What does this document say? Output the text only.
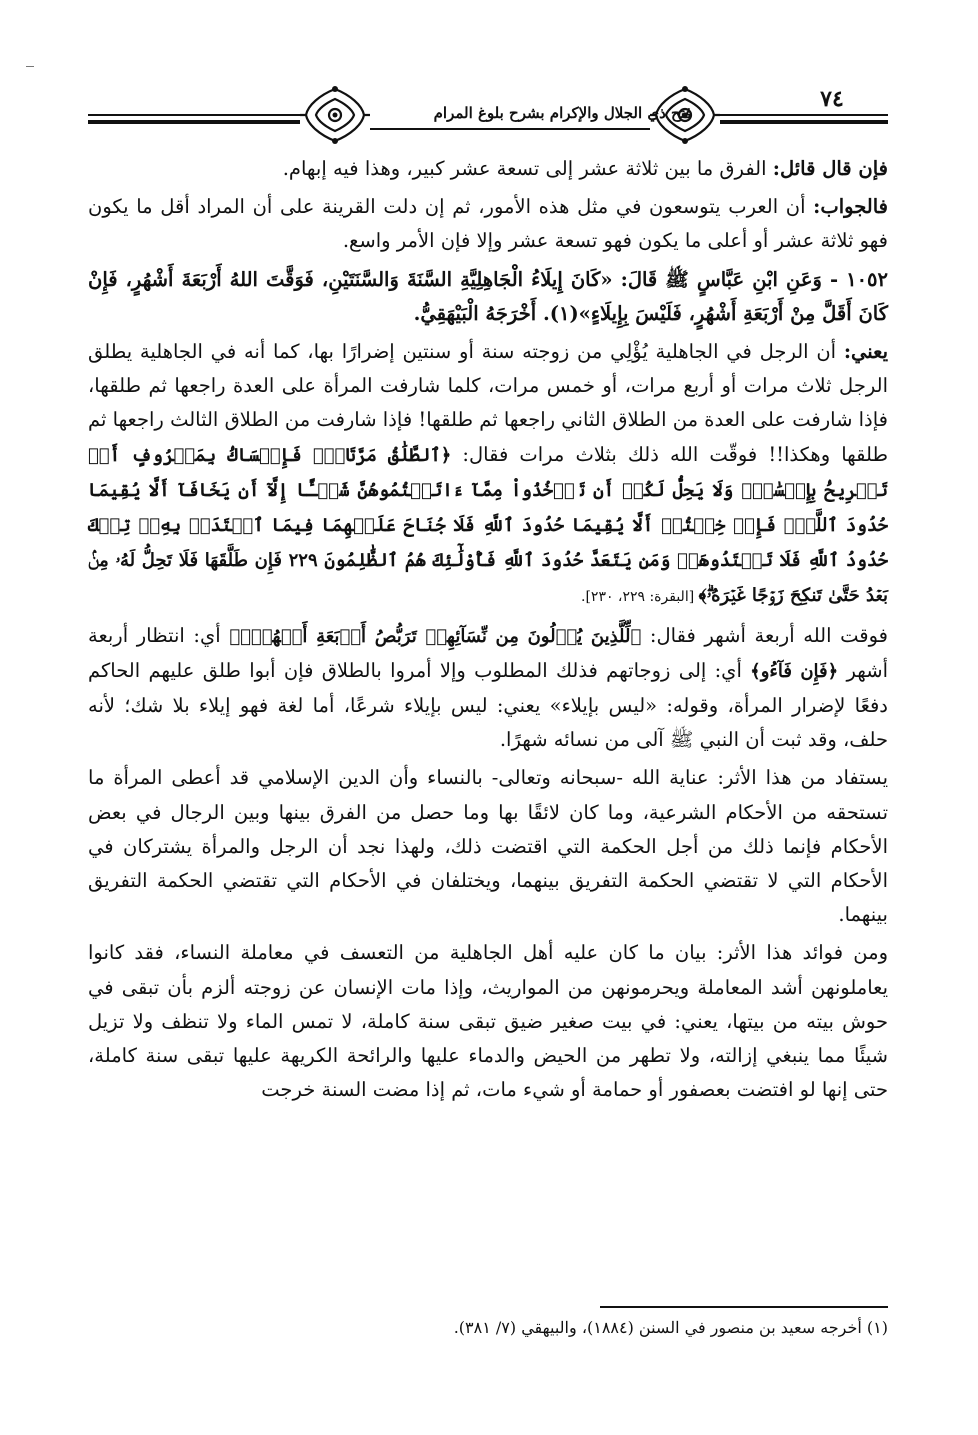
فتح ذي الجلال والإكرام بشرح بلوغ المرام
٧٤

فإن قال قائل: الفرق ما بين ثلاثة عشر إلى تسعة عشر كبير، وهذا فيه إبهام.

فالجواب: أن العرب يتوسعون في مثل هذه الأمور، ثم إن دلت القرينة على أن المراد أقل ما يكون فهو ثلاثة عشر أو أعلى ما يكون فهو تسعة عشر وإلا فإن الأمر واسع.

١٠٥٢ - وَعَنِ ابْنِ عَبَّاسٍ ﷺ قَالَ: «كَانَ إِيلَاءُ الْجَاهِلِيَّةِ السَّنَةَ وَالسَّنَتَيْنِ، فَوَقَّتَ اللهُ أَرْبَعَةَ أَشْهُرٍ، فَإِنْ كَانَ أَقَلَّ مِنْ أَرْبَعَةِ أَشْهُرٍ، فَلَيْسَ بِإِيلَاءٍ»(١). أَخْرَجَهُ الْبَيْهَقِيُّ.

يعني: أن الرجل في الجاهلية يُؤْلِي من زوجته سنة أو سنتين إضرارًا بها، كما أنه في الجاهلية يطلق الرجل ثلاث مرات أو أربع مرات، أو خمس مرات، كلما شارفت المرأة على العدة راجعها ثم طلقها، فإذا شارفت على العدة من الطلاق الثاني راجعها ثم طلقها! فإذا شارفت من الطلاق الثالث راجعها ثم طلقها وهكذا!! فوقّت الله ذلك بثلاث مرات فقال: ﴿ٱلطَّلَٰقُ مَرَّتَانِۖ فَإِمۡسَاكُۢ بِمَعۡرُوفٍ أَوۡ تَسۡرِيحُۢ بِإِحۡسَٰنٖۗ وَلَا يَحِلُّ لَكُمۡ أَن تَأۡخُذُواْ مِمَّآ ءَاتَيۡتُمُوهُنَّ شَيۡـًٔا إِلَّآ أَن يَخَافَآ أَلَّا يُقِيمَا حُدُودَ ٱللَّهِۖ فَإِنۡ خِفۡتُمۡ أَلَّا يُقِيمَا حُدُودَ ٱللَّهِ فَلَا جُنَاحَ عَلَيۡهِمَا فِيمَا ٱفۡتَدَتۡ بِهِۦۗ تِلۡكَ حُدُودُ ٱللَّهِ فَلَا تَعۡتَدُوهَاۚ وَمَن يَتَعَدَّ حُدُودَ ٱللَّهِ فَأُوْلَٰٓئِكَ هُمُ ٱلظَّٰلِمُونَ ٢٢٩ فَإِن طَلَّقَهَا فَلَا تَحِلُّ لَهُۥ مِنۢ بَعۡدُ حَتَّىٰ تَنكِحَ زَوۡجًا غَيۡرَهُۥۗ﴾ [البقرة: ٢٢٩، ٢٣٠].

فوقت الله أربعة أشهر فقال: ﴿لِّلَّذِينَ يُؤۡلُونَ مِن نِّسَآئِهِمۡ تَرَبُّصُ أَرۡبَعَةِ أَشۡهُرٖۖ﴾ أي: انتظار أربعة أشهر ﴿فَإِن فَآءُو﴾ أي: إلى زوجاتهم فذلك المطلوب وإلا أمروا بالطلاق فإن أبوا طلق عليهم الحاكم دفعًا لإضرار المرأة، وقوله: «ليس بإيلاء» يعني: ليس بإيلاء شرعًا، أما لغة فهو إيلاء بلا شك؛ لأنه حلف، وقد ثبت أن النبي ﷺ آلى من نسائه شهرًا.

يستفاد من هذا الأثر: عناية الله -سبحانه وتعالى- بالنساء وأن الدين الإسلامي قد أعطى المرأة ما تستحقه من الأحكام الشرعية، وما كان لائقًا بها وما حصل من الفرق بينها وبين الرجال في بعض الأحكام فإنما ذلك من أجل الحكمة التي اقتضت ذلك، ولهذا نجد أن الرجل والمرأة يشتركان في الأحكام التي لا تقتضي الحكمة التفريق بينهما، ويختلفان في الأحكام التي تقتضي الحكمة التفريق بينهما.

ومن فوائد هذا الأثر: بيان ما كان عليه أهل الجاهلية من التعسف في معاملة النساء، فقد كانوا يعاملونهن أشد المعاملة ويحرمونهن من المواريث، وإذا مات الإنسان عن زوجته ألزم بأن تبقى في حوش بيته من بيتها، يعني: في بيت صغير ضيق تبقى سنة كاملة، لا تمس الماء ولا تنظف ولا تزيل شيئًا مما ينبغي إزالته، ولا تطهر من الحيض والدماء عليها والرائحة الكريهة عليها تبقى سنة كاملة، حتى إنها لو افتضت بعصفور أو حمامة أو شيء مات، ثم إذا مضت السنة خرجت

(١) أخرجه سعيد بن منصور في السنن (١٨٨٤)، والبيهقي (٧/ ٣٨١).
